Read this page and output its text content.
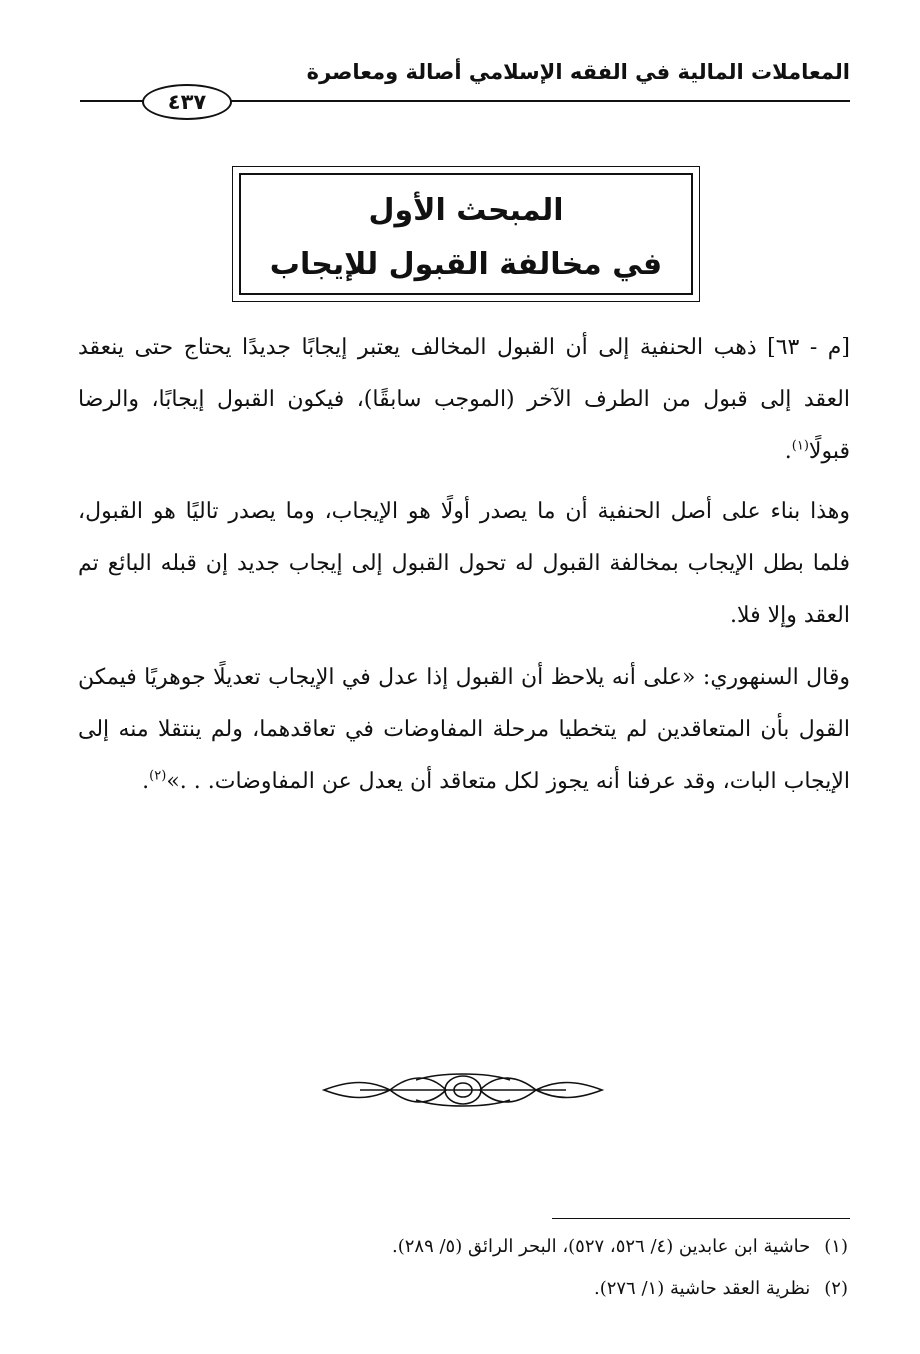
المعاملات المالية في الفقه الإسلامي أصالة ومعاصرة
٤٣٧
المبحث الأول
في مخالفة القبول للإيجاب
[م - ٦٣] ذهب الحنفية إلى أن القبول المخالف يعتبر إيجابًا جديدًا يحتاج حتى ينعقد العقد إلى قبول من الطرف الآخر (الموجب سابقًا)، فيكون القبول إيجابًا، والرضا قبولًا$^{(١)}$.
وهذا بناء على أصل الحنفية أن ما يصدر أولًا هو الإيجاب، وما يصدر تاليًا هو القبول، فلما بطل الإيجاب بمخالفة القبول له تحول القبول إلى إيجاب جديد إن قبله البائع تم العقد وإلا فلا.
وقال السنهوري: «على أنه يلاحظ أن القبول إذا عدل في الإيجاب تعديلًا جوهريًا فيمكن القول بأن المتعاقدين لم يتخطيا مرحلة المفاوضات في تعاقدهما، ولم ينتقلا منه إلى الإيجاب البات، وقد عرفنا أنه يجوز لكل متعاقد أن يعدل عن المفاوضات. . .»$^{(٢)}$.
(١)حاشية ابن عابدين (٤/ ٥٢٦، ٥٢٧)، البحر الرائق (٥/ ٢٨٩).
(٢)نظرية العقد حاشية (١/ ٢٧٦).
